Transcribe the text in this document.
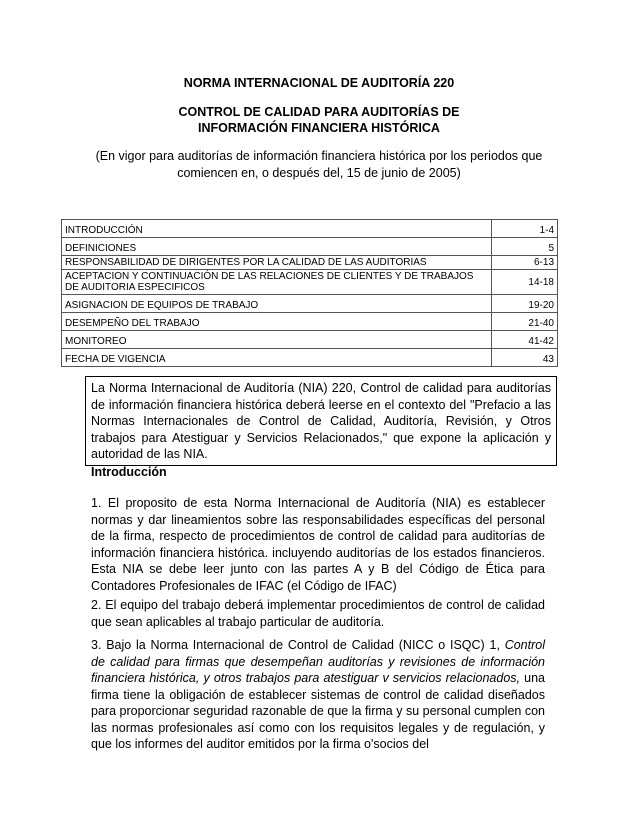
NORMA INTERNACIONAL DE AUDITORÍA 220
CONTROL DE CALIDAD PARA AUDITORÍAS DE
INFORMACIÓN FINANCIERA HISTÓRICA
(En vigor para auditorías de información financiera histórica por los periodos que
comiencen en, o después del, 15 de junio de 2005)
INTRODUCCIÓN	1-4
DEFINICIONES	5
RESPONSABILIDAD DE DIRIGENTES POR LA CALIDAD DE LAS AUDITORIAS	6-13
ACEPTACION Y CONTINUACIÓN DE LAS RELACIONES DE CLIENTES Y DE TRABAJOS DE AUDITORIA ESPECIFICOS	14-18
ASIGNACION DE EQUIPOS DE TRABAJO	19-20
DESEMPEÑO DEL TRABAJO	21-40
MONITOREO	41-42
FECHA DE VIGENCIA	43
La Norma Internacional de Auditoría (NIA) 220, Control de calidad para auditorías de información financiera histórica deberá leerse en el contexto del "Prefacio a las Normas Internacionales de Control de Calidad, Auditoría, Revisión, y Otros trabajos para Atestiguar y Servicios Relacionados," que expone la aplicación y autoridad de las NIA.
Introducción

1. El proposito de esta Norma Internacional de Auditoría (NIA) es establecer normas y dar lineamientos sobre las responsabilidades específicas del personal de la firma, respecto de procedimientos de control de calidad para auditorías de información financiera histórica. incluyendo auditorías de los estados financieros. Esta NIA se debe leer junto con las partes A y B del Código de Ética para Contadores Profesionales de IFAC (el Código de IFAC)

2. El equipo del trabajo deberá implementar procedimientos de control de calidad que sean aplicables al trabajo particular de auditoría.

3. Bajo la Norma Internacional de Control de Calidad (NICC o ISQC) 1, Control de calidad para firmas que desempeñan auditorías y revisiones de información financiera histórica, y otros trabajos para atestiguar v servicios relacionados, una firma tiene la obligación de establecer sistemas de control de calidad diseñados para proporcionar seguridad razonable de que la firma y su personal cumplen con las normas profesionales así como con los requisitos legales y de regulación, y que los informes del auditor emitidos por la firma o'socios del
